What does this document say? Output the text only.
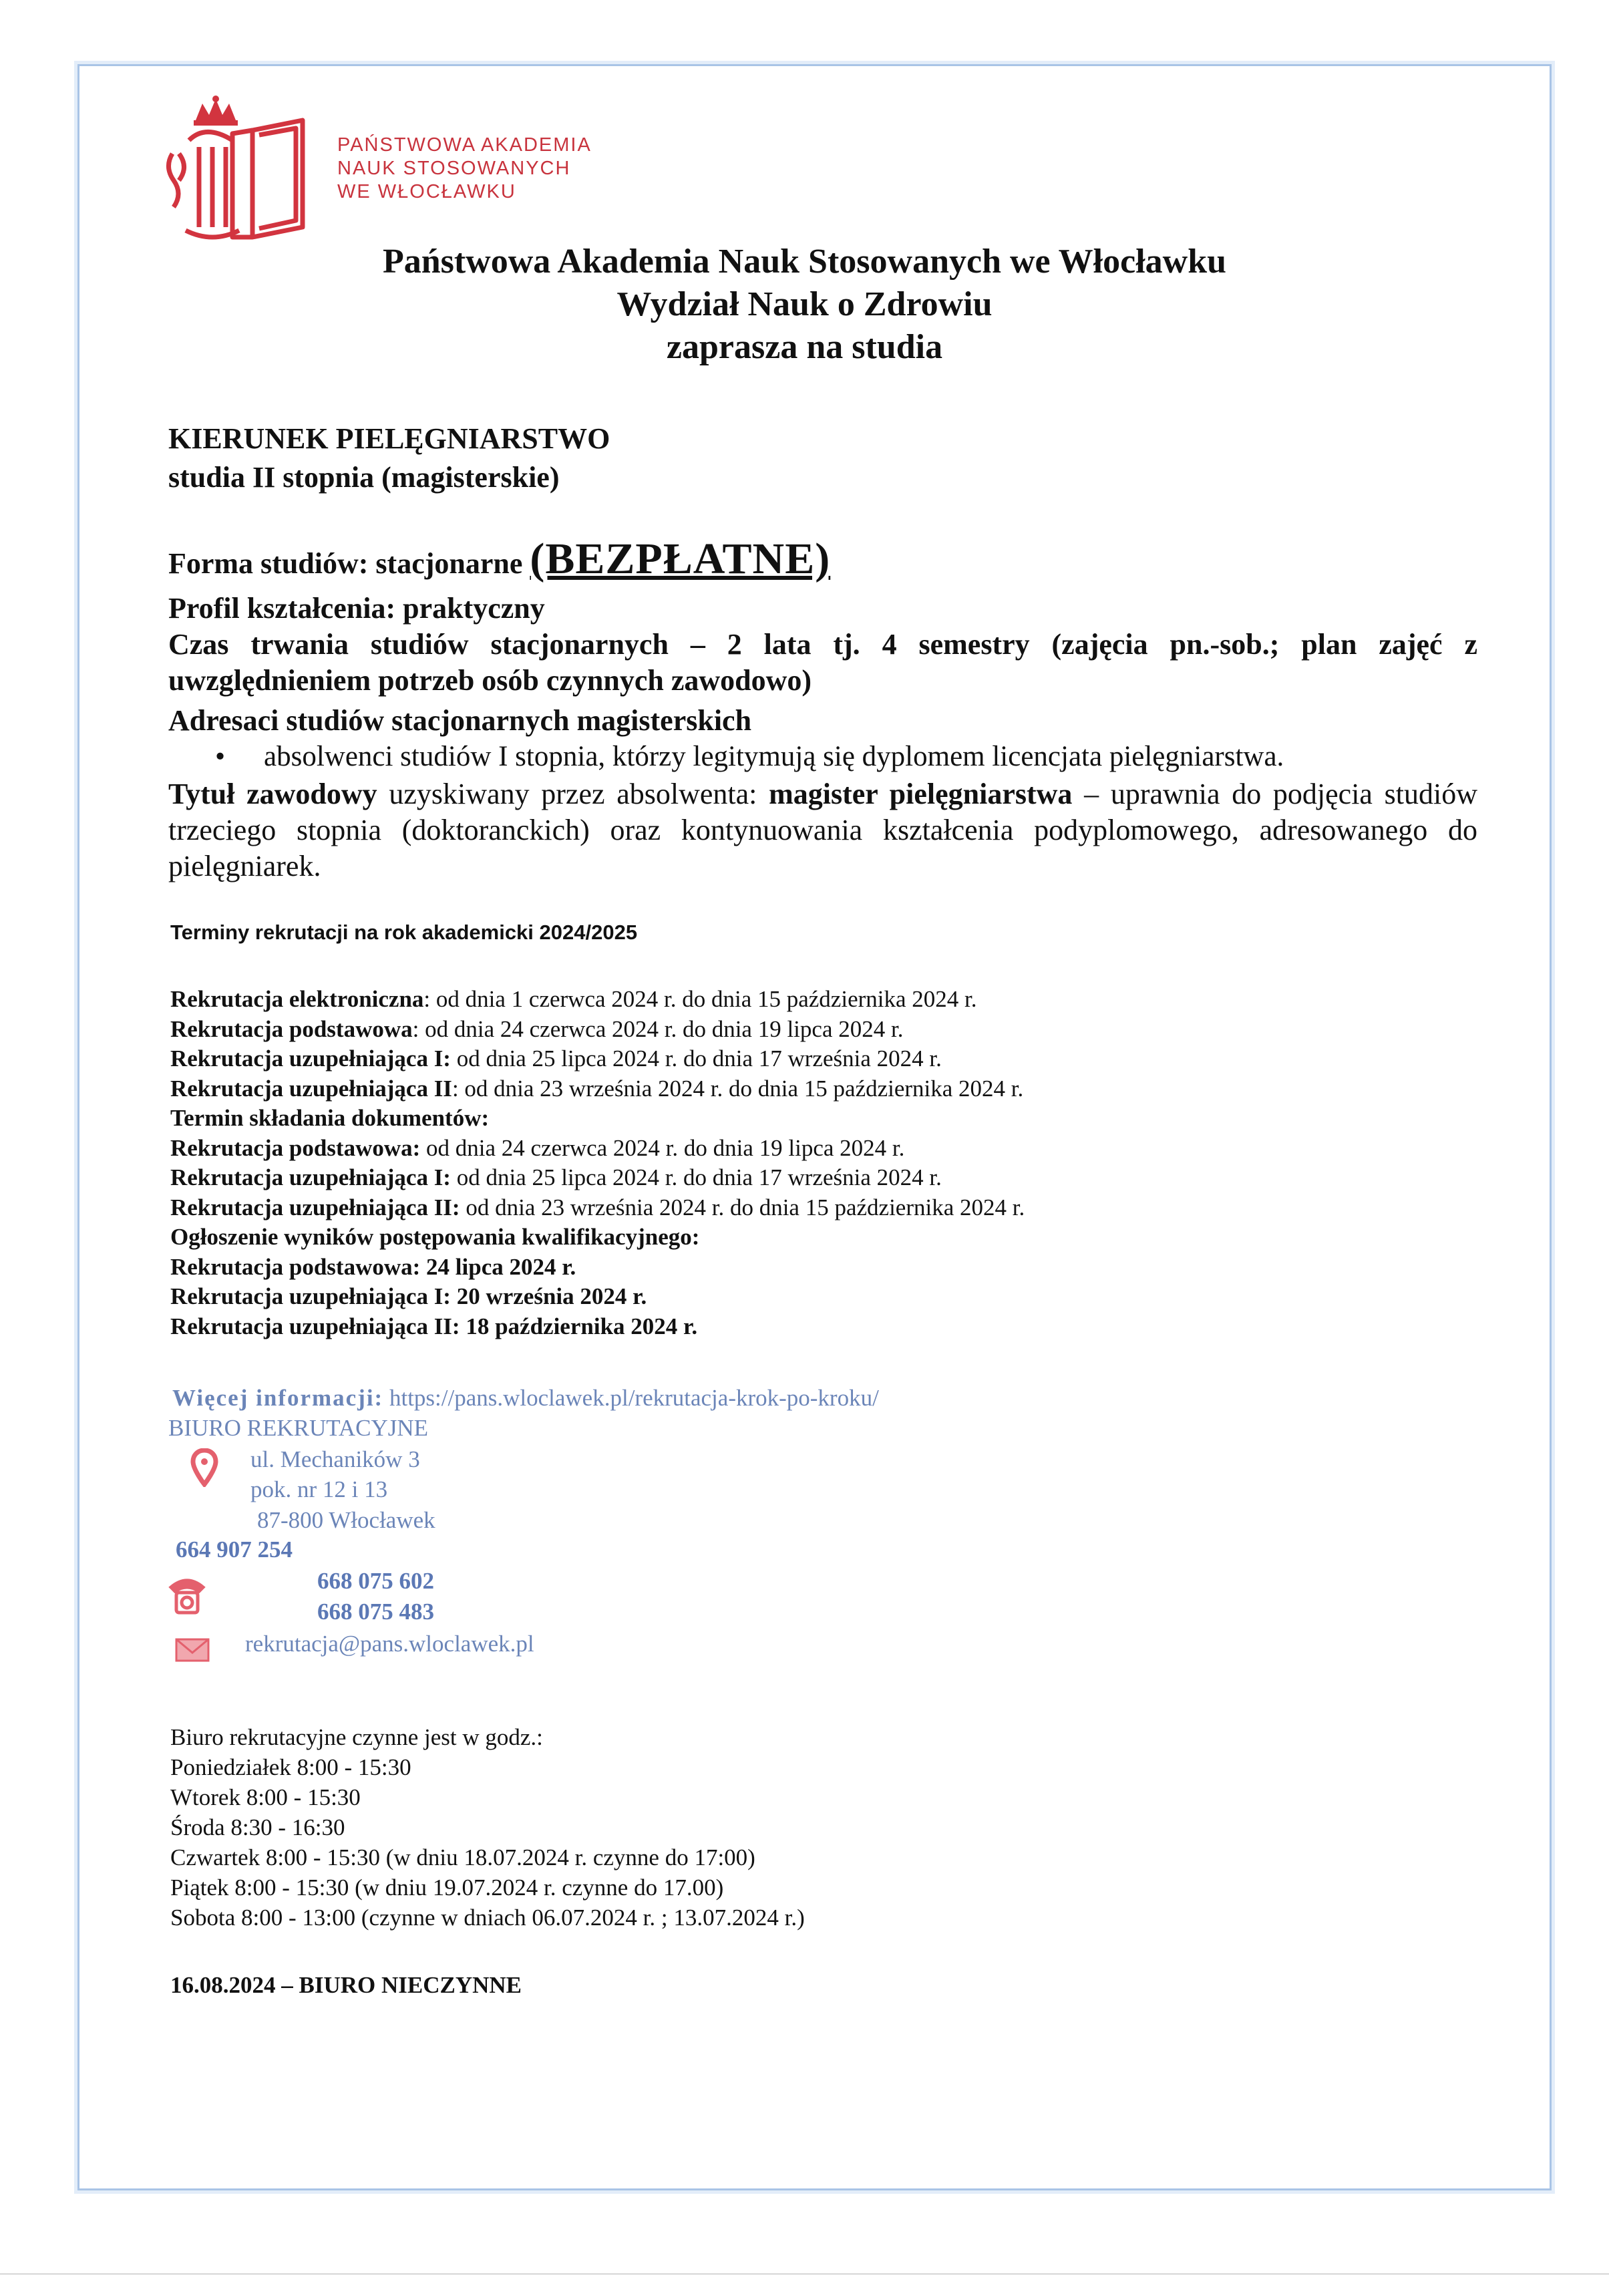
PAŃSTWOWA AKADEMIA
NAUK STOSOWANYCH
WE WŁOCŁAWKU
Państwowa Akademia Nauk Stosowanych we Włocławku
Wydział Nauk o Zdrowiu
zaprasza na studia
KIERUNEK PIELĘGNIARSTWO
studia II stopnia (magisterskie)
Forma studiów: stacjonarne (BEZPŁATNE)
Profil kształcenia: praktyczny
Czas trwania studiów stacjonarnych – 2 lata tj. 4 semestry (zajęcia pn.-sob.; plan zajęć z uwzględnieniem potrzeb osób czynnych zawodowo)
Adresaci studiów stacjonarnych magisterskich
• absolwenci studiów I stopnia, którzy legitymują się dyplomem licencjata pielęgniarstwa.
Tytuł zawodowy uzyskiwany przez absolwenta: magister pielęgniarstwa – uprawnia do podjęcia studiów trzeciego stopnia (doktoranckich) oraz kontynuowania kształcenia podyplomowego, adresowanego do pielęgniarek.
Terminy rekrutacji na rok akademicki 2024/2025
Rekrutacja elektroniczna: od dnia 1 czerwca 2024 r. do dnia 15 października 2024 r.
Rekrutacja podstawowa: od dnia 24 czerwca 2024 r. do dnia 19 lipca 2024 r.
Rekrutacja uzupełniająca I: od dnia 25 lipca 2024 r. do dnia 17 września 2024 r.
Rekrutacja uzupełniająca II: od dnia 23 września 2024 r. do dnia 15 października 2024 r.
Termin składania dokumentów:
Rekrutacja podstawowa: od dnia 24 czerwca 2024 r. do dnia 19 lipca 2024 r.
Rekrutacja uzupełniająca I: od dnia 25 lipca 2024 r. do dnia 17 września 2024 r.
Rekrutacja uzupełniająca II: od dnia 23 września 2024 r. do dnia 15 października 2024 r.
Ogłoszenie wyników postępowania kwalifikacyjnego:
Rekrutacja podstawowa: 24 lipca 2024 r.
Rekrutacja uzupełniająca I: 20 września 2024 r.
Rekrutacja uzupełniająca II: 18 października 2024 r.
Więcej informacji: https://pans.wloclawek.pl/rekrutacja-krok-po-kroku/
BIURO REKRUTACYJNE
ul. Mechaników 3
pok. nr 12 i 13
87-800 Włocławek
664 907 254
668 075 602
668 075 483
rekrutacja@pans.wloclawek.pl
Biuro rekrutacyjne czynne jest w godz.:
Poniedziałek 8:00 - 15:30
Wtorek 8:00 - 15:30
Środa 8:30 - 16:30
Czwartek 8:00 - 15:30 (w dniu 18.07.2024 r. czynne do 17:00)
Piątek 8:00 - 15:30 (w dniu 19.07.2024 r. czynne do 17.00)
Sobota 8:00 - 13:00 (czynne w dniach 06.07.2024 r. ; 13.07.2024 r.)
16.08.2024 – BIURO NIECZYNNE
